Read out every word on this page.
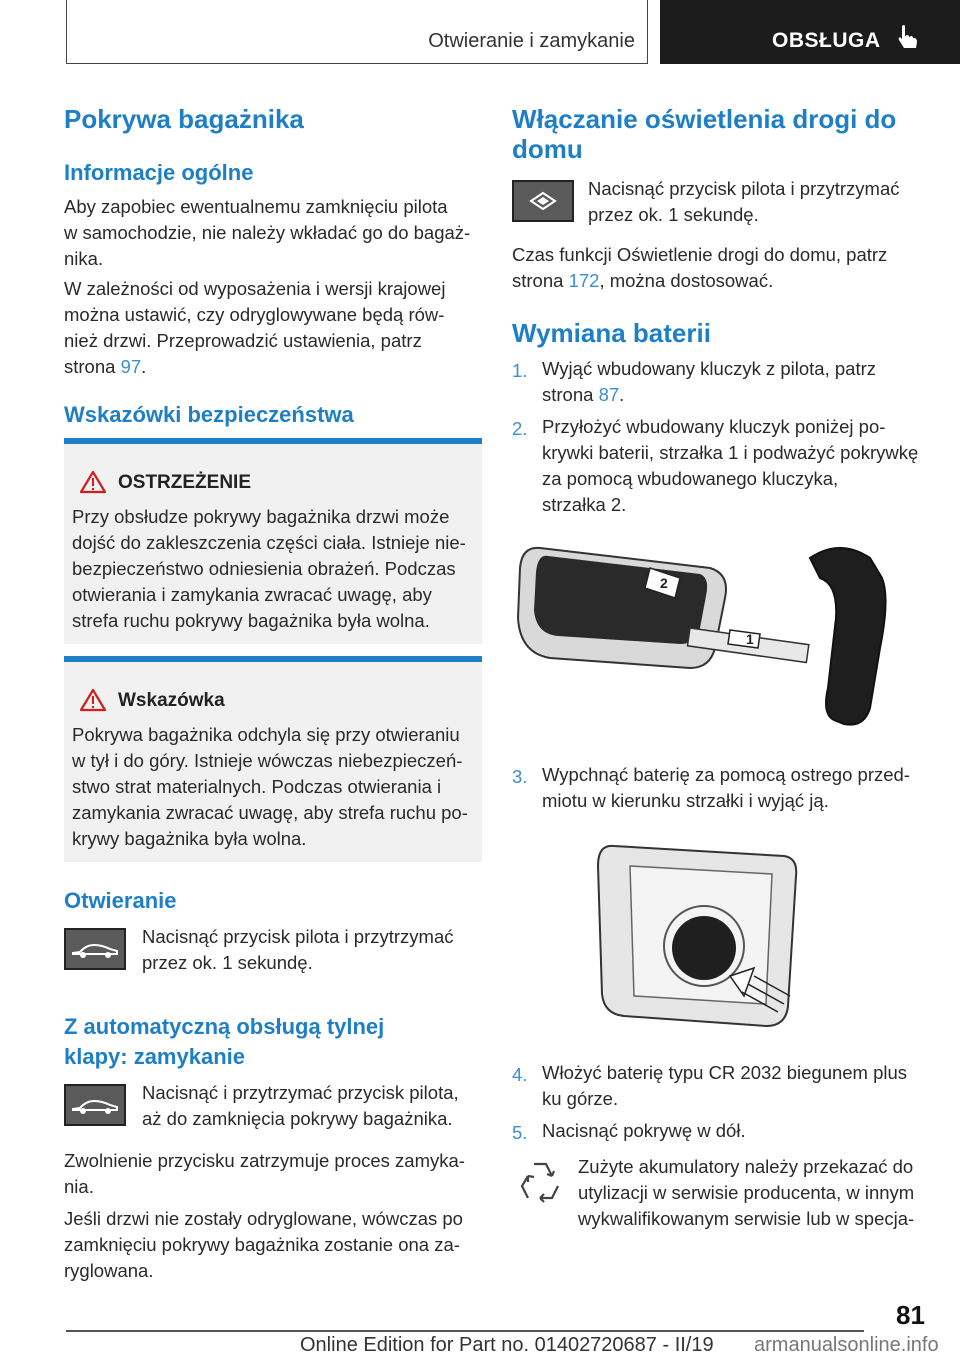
Otwieranie i zamykanie	OBSŁUGA
Pokrywa bagażnika
Informacje ogólne
Aby zapobiec ewentualnemu zamknięciu pilota
w samochodzie, nie należy wkładać go do bagaż‐
nika.
W zależności od wyposażenia i wersji krajowej
można ustawić, czy odryglowywane będą rów‐
nież drzwi. Przeprowadzić ustawienia, patrz
strona 97.
Wskazówki bezpieczeństwa
OSTRZEŻENIE
Przy obsłudze pokrywy bagażnika drzwi może
dojść do zakleszczenia części ciała. Istnieje nie‐
bezpieczeństwo odniesienia obrażeń. Podczas
otwierania i zamykania zwracać uwagę, aby
strefa ruchu pokrywy bagażnika była wolna.
Wskazówka
Pokrywa bagażnika odchyla się przy otwieraniu
w tył i do góry. Istnieje wówczas niebezpieczeń‐
stwo strat materialnych. Podczas otwierania i
zamykania zwracać uwagę, aby strefa ruchu po‐
krywy bagażnika była wolna.
Otwieranie
Nacisnąć przycisk pilota i przytrzymać
przez ok. 1 sekundę.
Z automatyczną obsługą tylnej
klapy: zamykanie
Nacisnąć i przytrzymać przycisk pilota,
aż do zamknięcia pokrywy bagażnika.
Zwolnienie przycisku zatrzymuje proces zamyka‐
nia.
Jeśli drzwi nie zostały odryglowane, wówczas po
zamknięciu pokrywy bagażnika zostanie ona za‐
ryglowana.
Włączanie oświetlenia drogi do
domu
Nacisnąć przycisk pilota i przytrzymać
przez ok. 1 sekundę.
Czas funkcji Oświetlenie drogi do domu, patrz
strona 172, można dostosować.
Wymiana baterii
1. Wyjąć wbudowany kluczyk z pilota, patrz
strona 87.
2. Przyłożyć wbudowany kluczyk poniżej po‐
krywki baterii, strzałka 1 i podważyć pokrywkę
za pomocą wbudowanego kluczyka,
strzałka 2.
2
1
3. Wypchnąć baterię za pomocą ostrego przed‐
miotu w kierunku strzałki i wyjąć ją.
4. Włożyć baterię typu CR 2032 biegunem plus
ku górze.
5. Nacisnąć pokrywę w dół.
Zużyte akumulatory należy przekazać do
utylizacji w serwisie producenta, w innym
wykwalifikowanym serwisie lub w specja‐
81
Online Edition for Part no. 01402720687 - II/19 armanualsonline.info
